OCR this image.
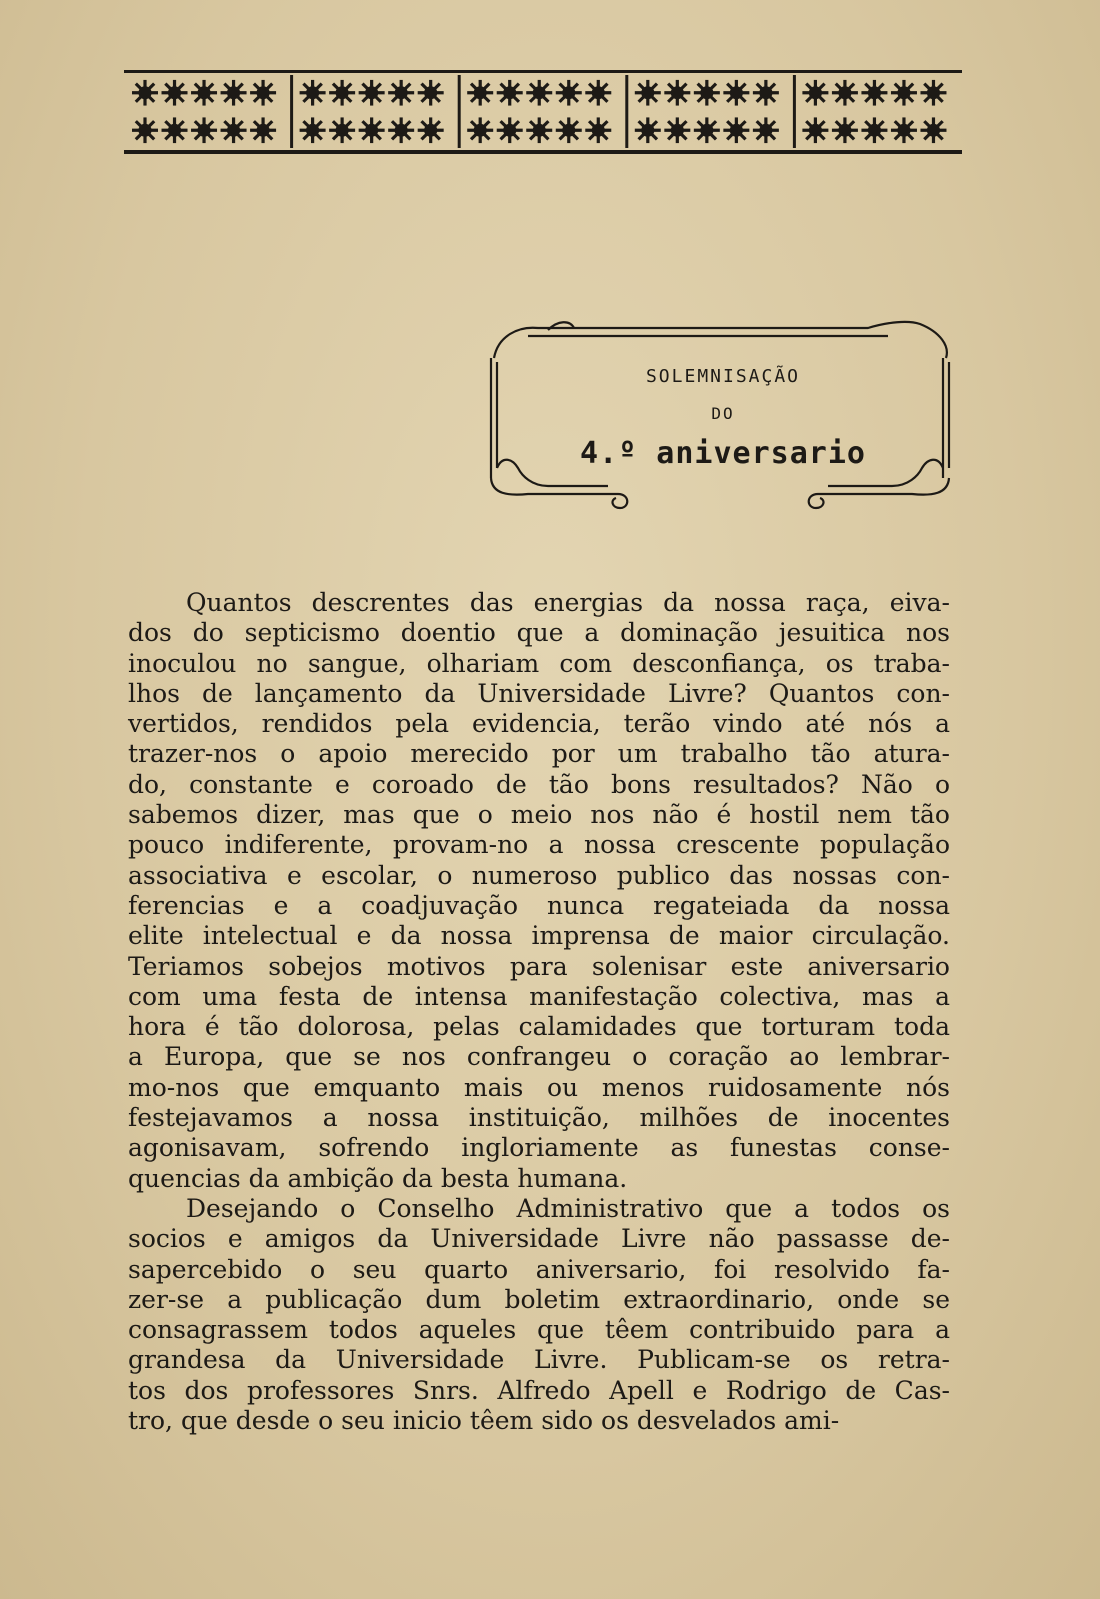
SOLEMNISAÇÃO
DO
4.º aniversario
Quantos descrentes das energias da nossa raça, eiva-
dos do septicismo doentio que a dominação jesuitica nos
inoculou no sangue, olhariam com desconfiança, os traba-
lhos de lançamento da Universidade Livre? Quantos con-
vertidos, rendidos pela evidencia, terão vindo até nós a
trazer-nos o apoio merecido por um trabalho tão atura-
do, constante e coroado de tão bons resultados? Não o
sabemos dizer, mas que o meio nos não é hostil nem tão
pouco indiferente, provam-no a nossa crescente população
associativa e escolar, o numeroso publico das nossas con-
ferencias e a coadjuvação nunca regateiada da nossa
elite intelectual e da nossa imprensa de maior circulação.
Teriamos sobejos motivos para solenisar este aniversario
com uma festa de intensa manifestação colectiva, mas a
hora é tão dolorosa, pelas calamidades que torturam toda
a Europa, que se nos confrangeu o coração ao lembrar-
mo-nos que emquanto mais ou menos ruidosamente nós
festejavamos a nossa instituição, milhões de inocentes
agonisavam, sofrendo ingloriamente as funestas conse-
quencias da ambição da besta humana.
Desejando o Conselho Administrativo que a todos os
socios e amigos da Universidade Livre não passasse de-
sapercebido o seu quarto aniversario, foi resolvido fa-
zer-se a publicação dum boletim extraordinario, onde se
consagrassem todos aqueles que têem contribuido para a
grandesa da Universidade Livre. Publicam-se os retra-
tos dos professores Snrs. Alfredo Apell e Rodrigo de Cas-
tro, que desde o seu inicio têem sido os desvelados ami-
